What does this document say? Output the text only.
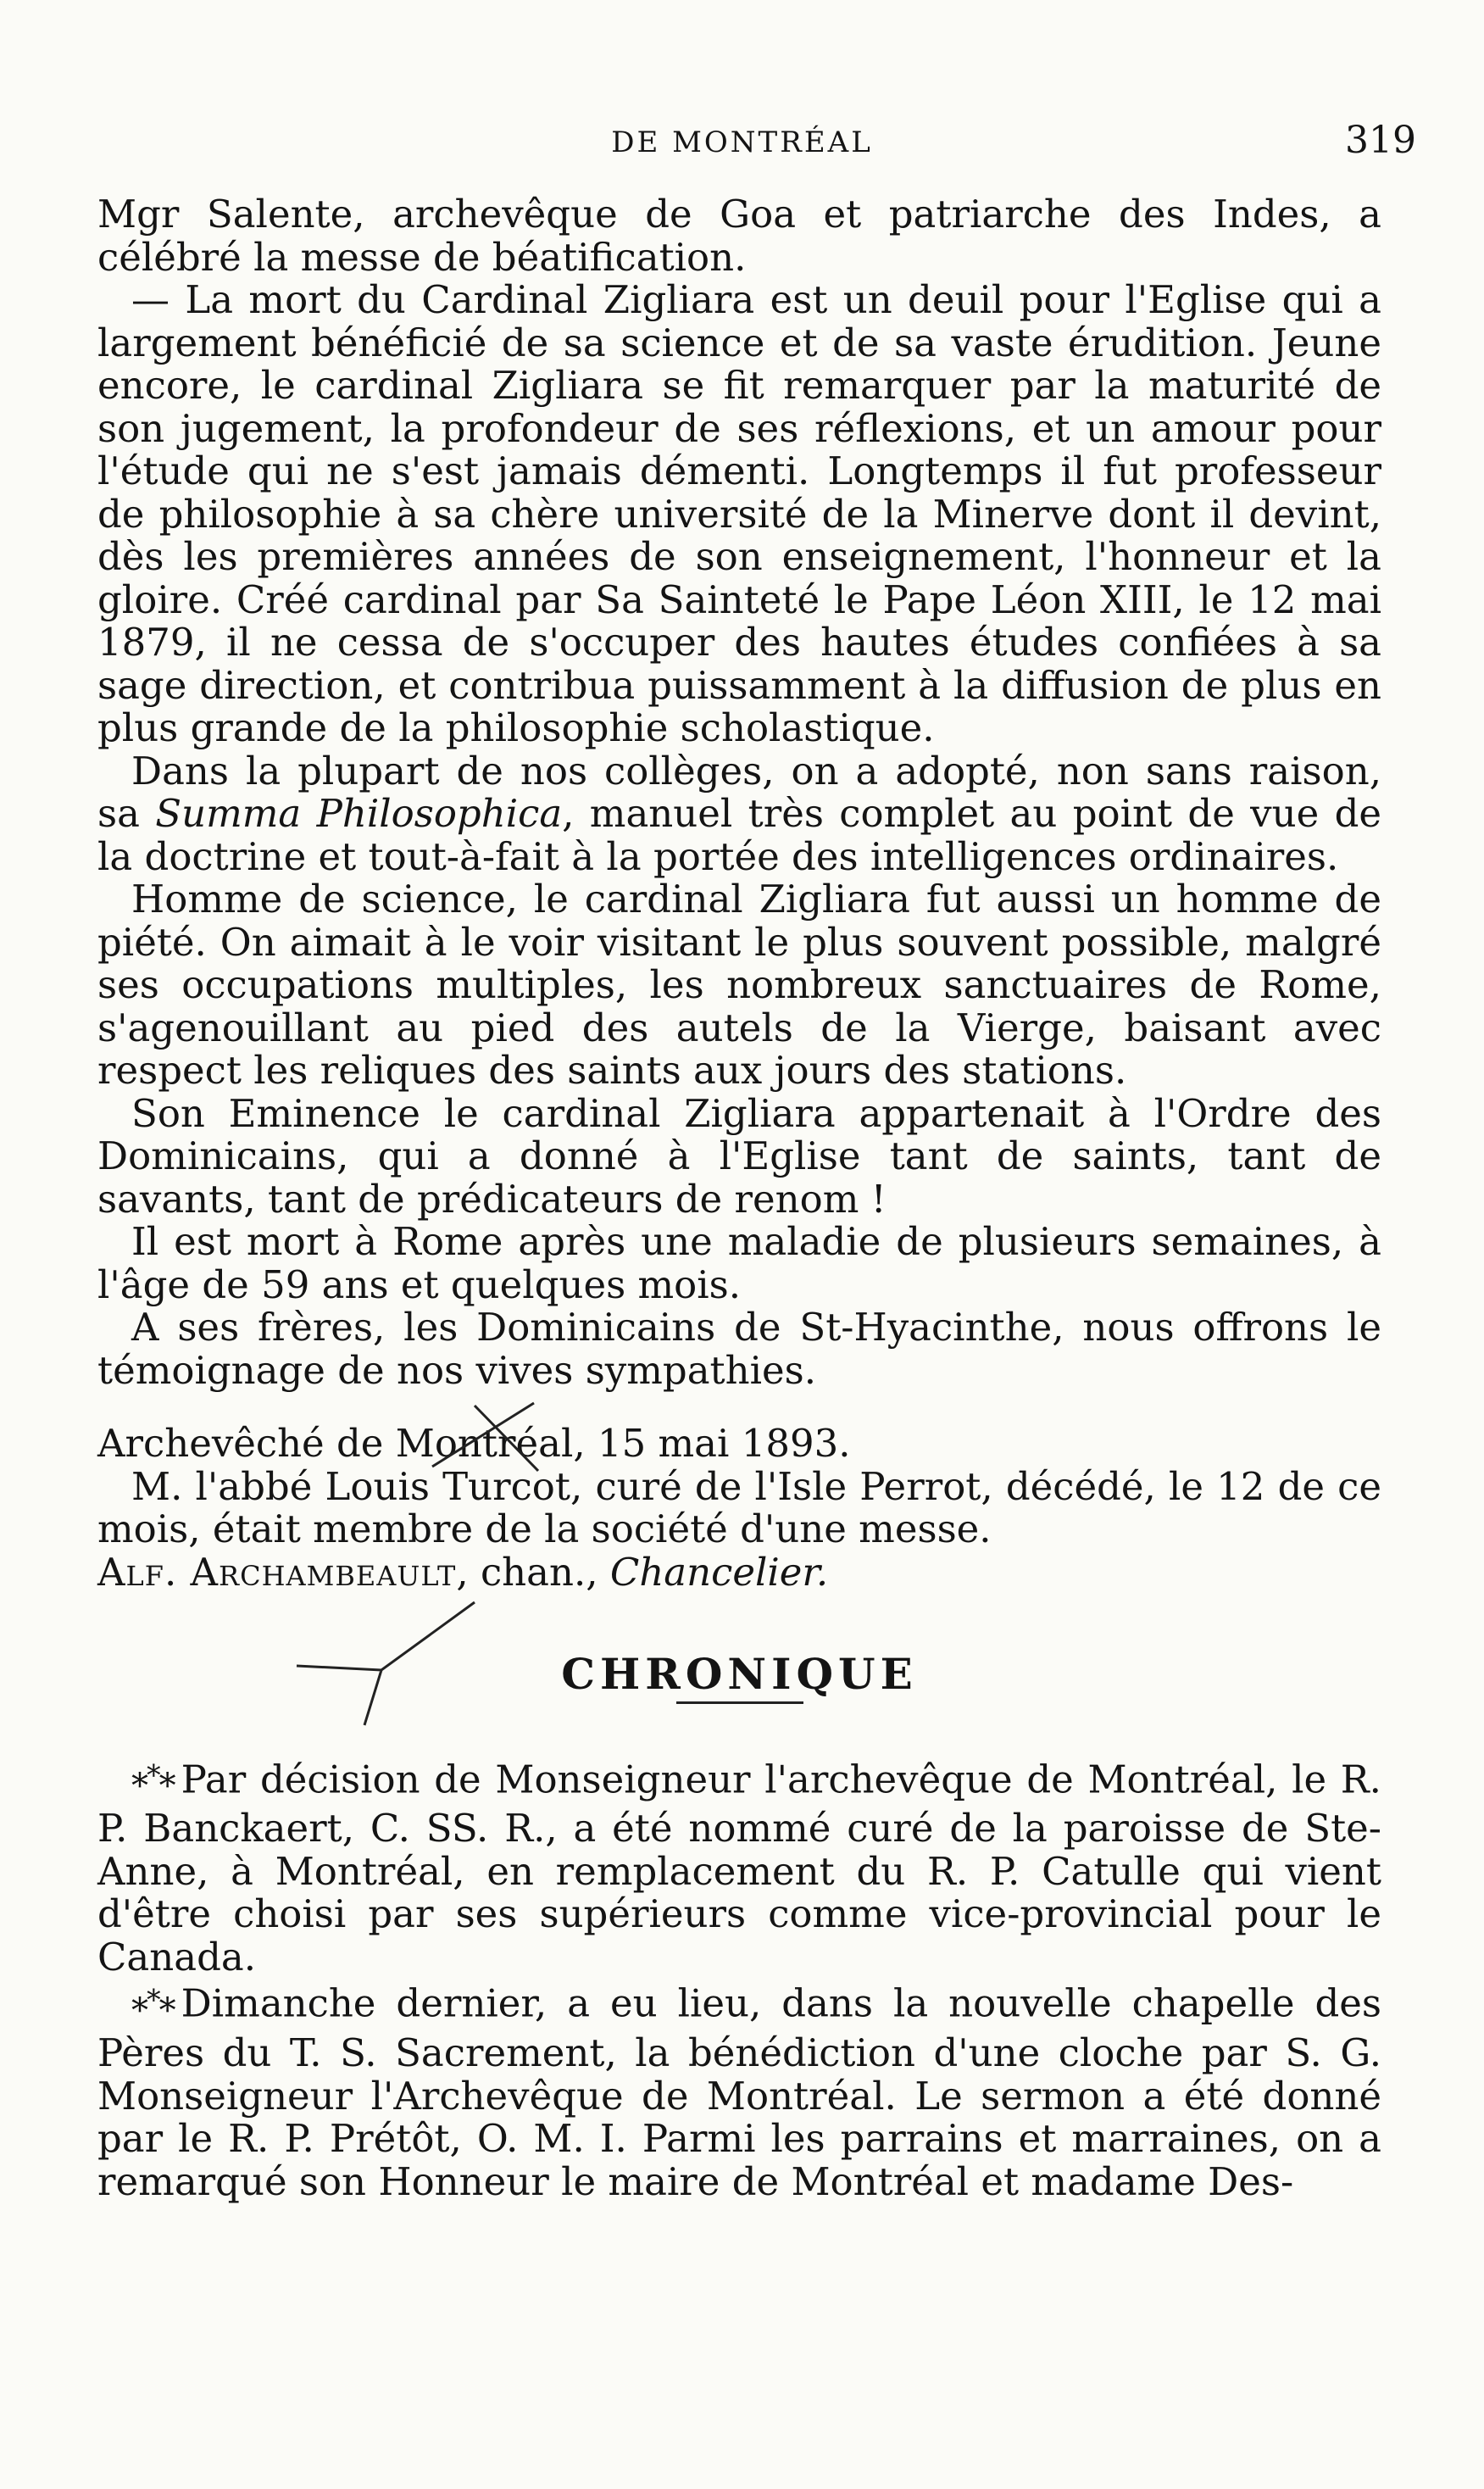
DE MONTRÉAL	319

Mgr Salente, archevêque de Goa et patriarche des Indes, a célébré la messe de béatification.

— La mort du Cardinal Zigliara est un deuil pour l'Eglise qui a largement bénéficié de sa science et de sa vaste érudition. Jeune encore, le cardinal Zigliara se fit remarquer par la maturité de son jugement, la profondeur de ses réflexions, et un amour pour l'étude qui ne s'est jamais démenti. Longtemps il fut professeur de philosophie à sa chère université de la Minerve dont il devint, dès les premières années de son enseignement, l'honneur et la gloire. Créé cardinal par Sa Sainteté le Pape Léon XIII, le 12 mai 1879, il ne cessa de s'occuper des hautes études confiées à sa sage direction, et contribua puissamment à la diffusion de plus en plus grande de la philosophie scholastique.

Dans la plupart de nos collèges, on a adopté, non sans raison, sa Summa Philosophica, manuel très complet au point de vue de la doctrine et tout-à-fait à la portée des intelligences ordinaires.

Homme de science, le cardinal Zigliara fut aussi un homme de piété. On aimait à le voir visitant le plus souvent possible, malgré ses occupations multiples, les nombreux sanctuaires de Rome, s'agenouillant au pied des autels de la Vierge, baisant avec respect les reliques des saints aux jours des stations.

Son Eminence le cardinal Zigliara appartenait à l'Ordre des Dominicains, qui a donné à l'Eglise tant de saints, tant de savants, tant de prédicateurs de renom !

Il est mort à Rome après une maladie de plusieurs semaines, à l'âge de 59 ans et quelques mois.

A ses frères, les Dominicains de St-Hyacinthe, nous offrons le témoignage de nos vives sympathies.

Archevêché de Montréal, 15 mai 1893.

M. l'abbé Louis Turcot, curé de l'Isle Perrot, décédé, le 12 de ce mois, était membre de la société d'une messe.

Alf. Archambeault, chan., Chancelier.

CHRONIQUE

*** Par décision de Monseigneur l'archevêque de Montréal, le R. P. Banckaert, C. SS. R., a été nommé curé de la paroisse de Ste-Anne, à Montréal, en remplacement du R. P. Catulle qui vient d'être choisi par ses supérieurs comme vice-provincial pour le Canada.

*** Dimanche dernier, a eu lieu, dans la nouvelle chapelle des Pères du T. S. Sacrement, la bénédiction d'une cloche par S. G. Monseigneur l'Archevêque de Montréal. Le sermon a été donné par le R. P. Prétôt, O. M. I. Parmi les parrains et marraines, on a remarqué son Honneur le maire de Montréal et madame Des-
